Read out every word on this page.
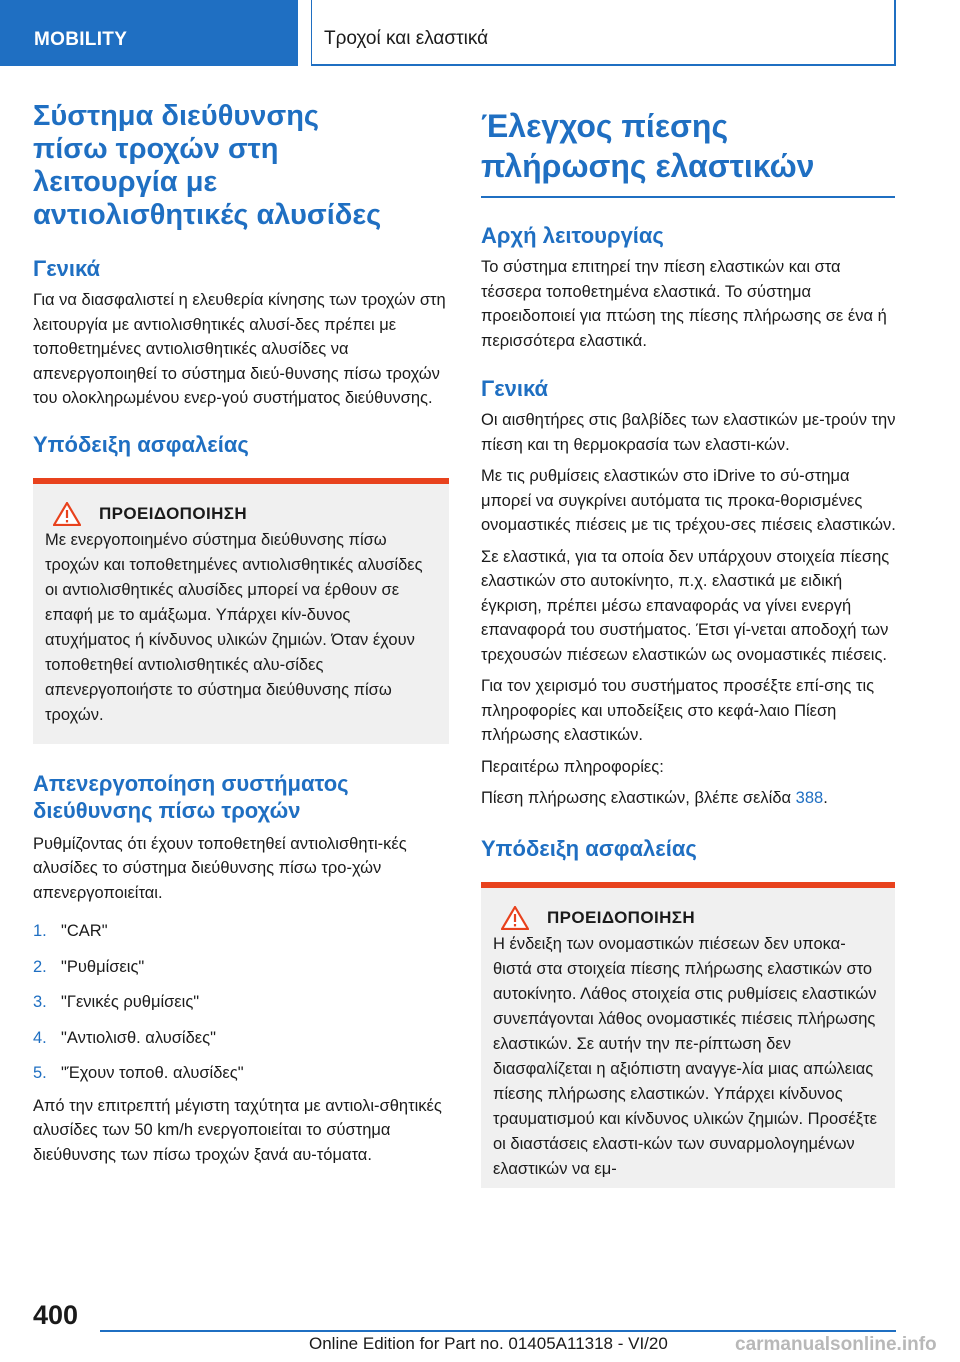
MOBILITY	Τροχοί και ελαστικά
Σύστημα διεύθυνσης πίσω τροχών στη λειτουργία με αντιολισθητικές αλυσίδες
Γενικά

Για να διασφαλιστεί η ελευθερία κίνησης των τροχών στη λειτουργία με αντιολισθητικές αλυσί-δες πρέπει με τοποθετημένες αντιολισθητικές αλυσίδες να απενεργοποιηθεί το σύστημα διεύ-θυνσης πίσω τροχών του ολοκληρωμένου ενερ-γού συστήματος διεύθυνσης.

Υπόδειξη ασφαλείας
ΠΡΟΕΙΔΟΠΟΙΗΣΗ

Με ενεργοποιημένο σύστημα διεύθυνσης πίσω τροχών και τοποθετημένες αντιολισθητικές αλυσίδες οι αντιολισθητικές αλυσίδες μπορεί να έρθουν σε επαφή με το αμάξωμα. Υπάρχει κίν-δυνος ατυχήματος ή κίνδυνος υλικών ζημιών. Όταν έχουν τοποθετηθεί αντιολισθητικές αλυ-σίδες απενεργοποιήστε το σύστημα διεύθυνσης πίσω τροχών.

Απενεργοποίηση συστήματος διεύθυνσης πίσω τροχών

Ρυθμίζοντας ότι έχουν τοποθετηθεί αντιολισθητι-κές αλυσίδες το σύστημα διεύθυνσης πίσω τρο-χών απενεργοποιείται.

1. "CAR"
2. "Ρυθμίσεις"
3. "Γενικές ρυθμίσεις"
4. "Αντιολισθ. αλυσίδες"
5. "Έχουν τοποθ. αλυσίδες"

Από την επιτρεπτή μέγιστη ταχύτητα με αντιολι-σθητικές αλυσίδες των 50 km/h ενεργοποιείται το σύστημα διεύθυνσης των πίσω τροχών ξανά αυ-τόματα.

Έλεγχος πίεσης πλήρωσης ελαστικών
Αρχή λειτουργίας

Το σύστημα επιτηρεί την πίεση ελαστικών και στα τέσσερα τοποθετημένα ελαστικά. Το σύστημα προειδοποιεί για πτώση της πίεσης πλήρωσης σε ένα ή περισσότερα ελαστικά.

Γενικά

Οι αισθητήρες στις βαλβίδες των ελαστικών με-τρούν την πίεση και τη θερμοκρασία των ελαστι-κών.

Με τις ρυθμίσεις ελαστικών στο iDrive το σύ-στημα μπορεί να συγκρίνει αυτόματα τις προκα-θορισμένες ονομαστικές πιέσεις με τις τρέχου-σες πιέσεις ελαστικών.

Σε ελαστικά, για τα οποία δεν υπάρχουν στοιχεία πίεσης ελαστικών στο αυτοκίνητο, π.χ. ελαστικά με ειδική έγκριση, πρέπει μέσω επαναφοράς να γίνει ενεργή επαναφορά του συστήματος. Έτσι γί-νεται αποδοχή των τρεχουσών πιέσεων ελαστικών ως ονομαστικές πιέσεις.

Για τον χειρισμό του συστήματος προσέξτε επί-σης τις πληροφορίες και υποδείξεις στο κεφά-λαιο Πίεση πλήρωσης ελαστικών.

Περαιτέρω πληροφορίες:

Πίεση πλήρωσης ελαστικών, βλέπε σελίδα 388.

Υπόδειξη ασφαλείας
ΠΡΟΕΙΔΟΠΟΙΗΣΗ

Η ένδειξη των ονομαστικών πιέσεων δεν υποκα-θιστά στα στοιχεία πίεσης πλήρωσης ελαστικών στο αυτοκίνητο. Λάθος στοιχεία στις ρυθμίσεις ελαστικών συνεπάγονται λάθος ονομαστικές πιέσεις πλήρωσης ελαστικών. Σε αυτήν την πε-ρίπτωση δεν διασφαλίζεται η αξιόπιστη αναγγε-λία μιας απώλειας πίεσης πλήρωσης ελαστικών. Υπάρχει κίνδυνος τραυματισμού και κίνδυνος υλικών ζημιών. Προσέξτε οι διαστάσεις ελαστι-κών των συναρμολογημένων ελαστικών να εμ-

400
Online Edition for Part no. 01405A11318 - VI/20	carmanualsonline.info
